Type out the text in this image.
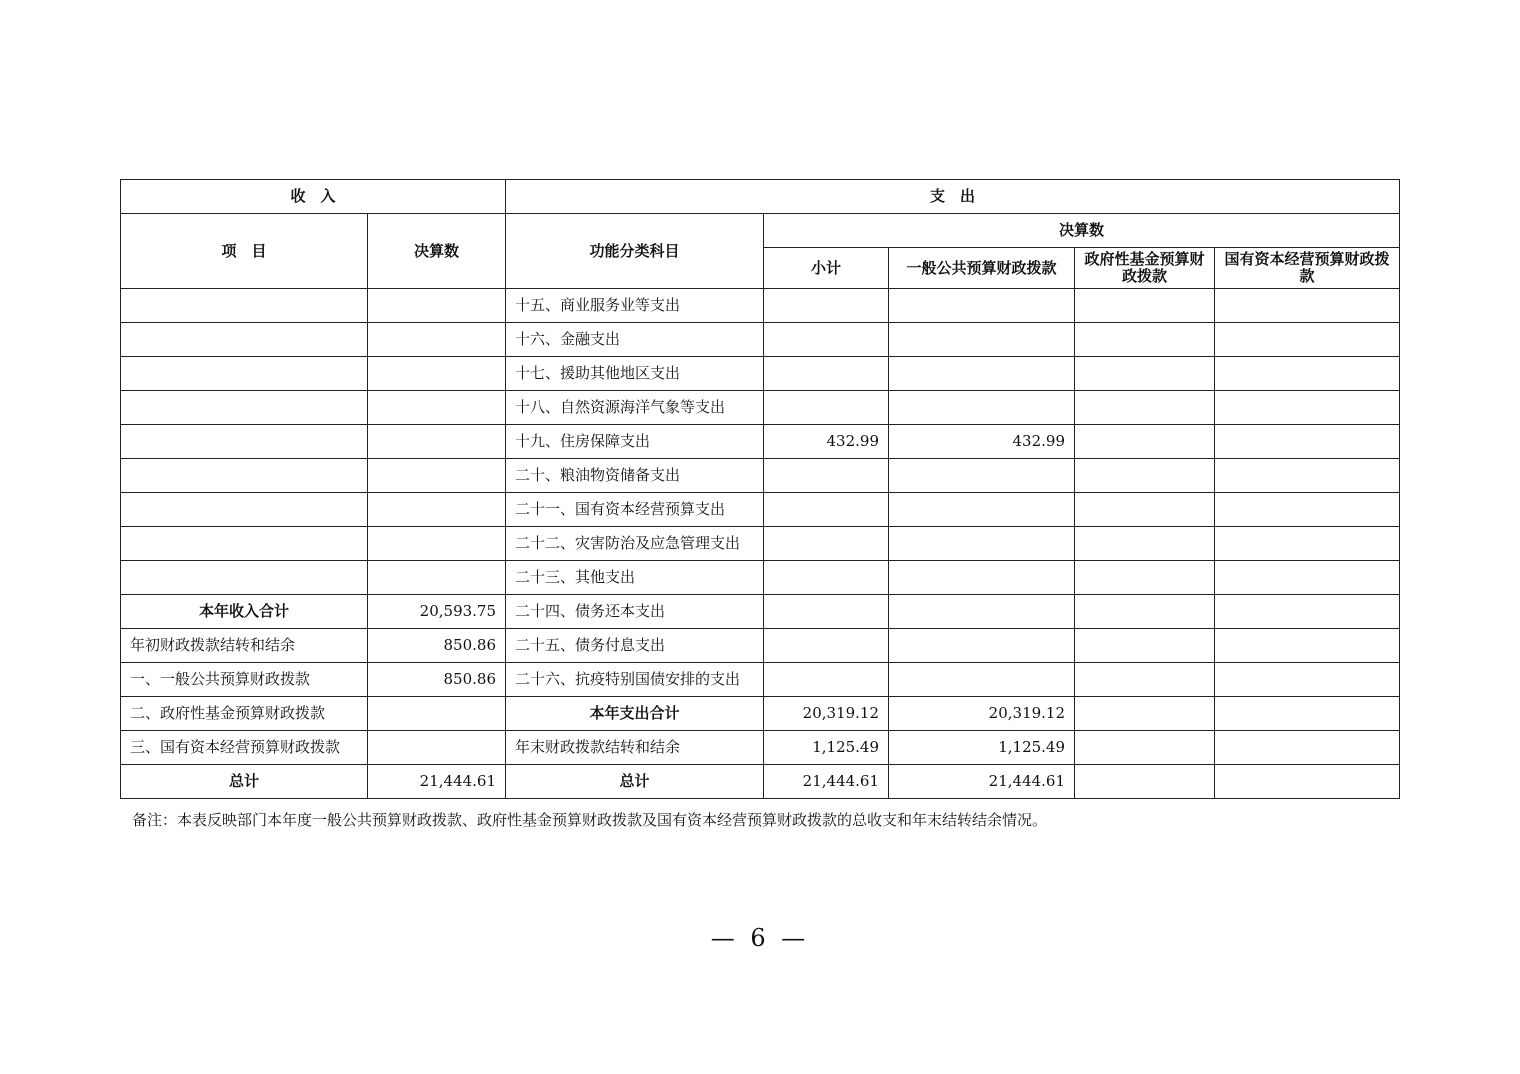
收　入		支　出				
项　目	决算数	功能分类科目	决算数			
			小计	一般公共预算财政拨款	政府性基金预算财政拨款	国有资本经营预算财政拨款
		十五、商业服务业等支出				
		十六、金融支出				
		十七、援助其他地区支出				
		十八、自然资源海洋气象等支出				
		十九、住房保障支出	432.99	432.99		
		二十、粮油物资储备支出				
		二十一、国有资本经营预算支出				
		二十二、灾害防治及应急管理支出				
		二十三、其他支出				
本年收入合计	20,593.75	二十四、债务还本支出				
年初财政拨款结转和结余	850.86	二十五、债务付息支出				
一、一般公共预算财政拨款	850.86	二十六、抗疫特别国债安排的支出				
二、政府性基金预算财政拨款		本年支出合计	20,319.12	20,319.12		
三、国有资本经营预算财政拨款		年末财政拨款结转和结余	1,125.49	1,125.49		
总计	21,444.61	总计	21,444.61	21,444.61		
备注：本表反映部门本年度一般公共预算财政拨款、政府性基金预算财政拨款及国有资本经营预算财政拨款的总收支和年末结转结余情况。
— 6 —
